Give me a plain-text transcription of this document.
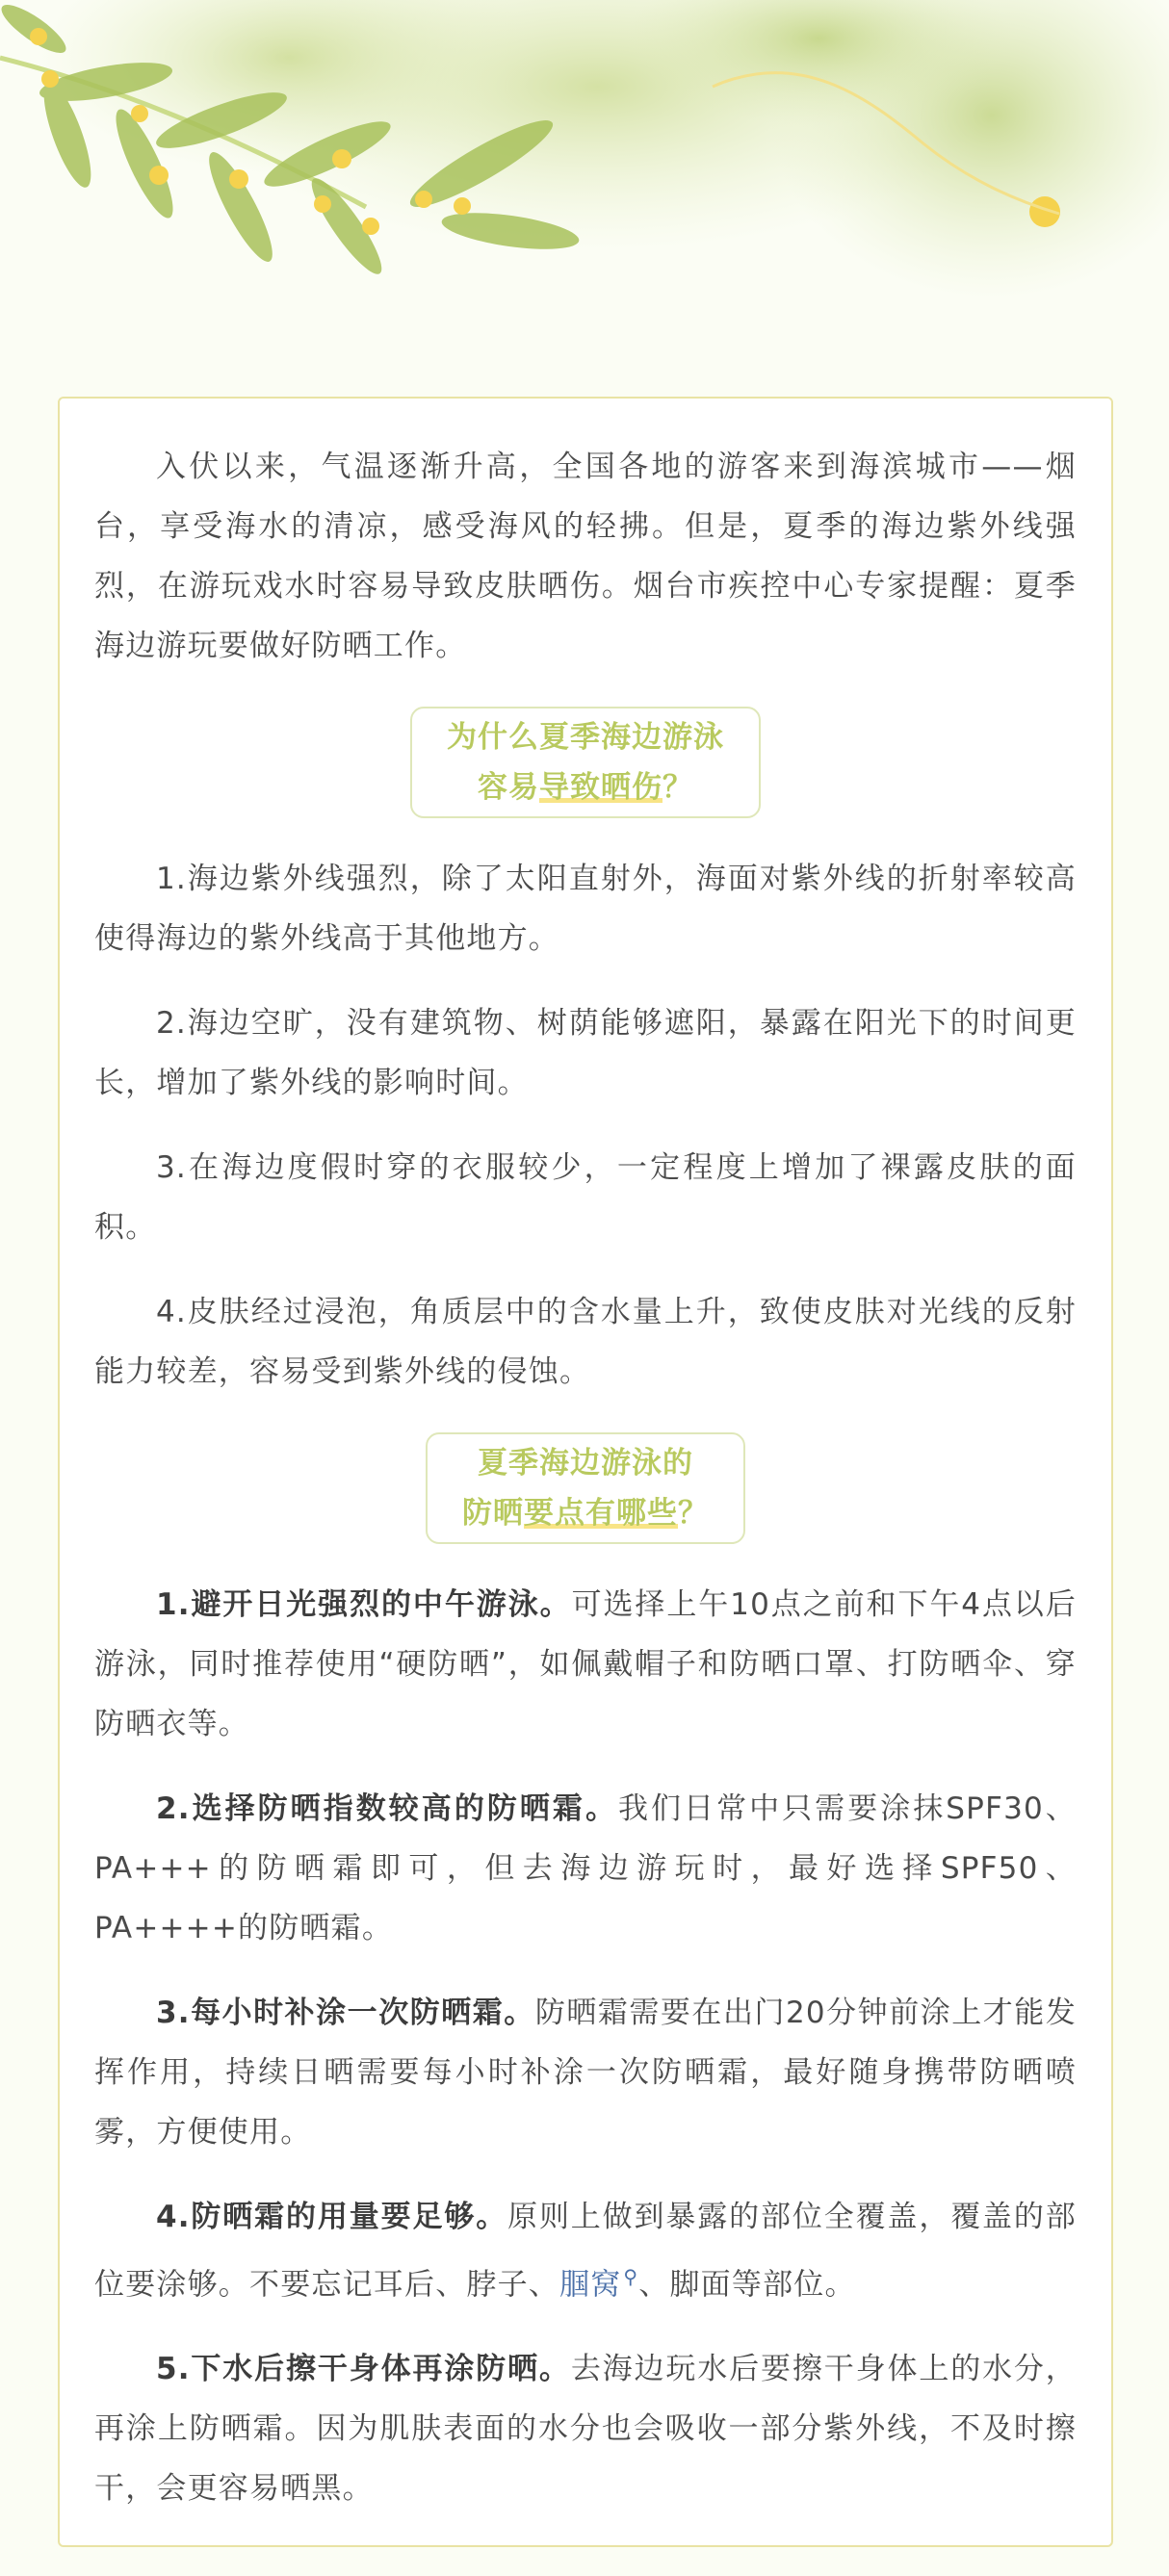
入伏以来，气温逐渐升高，全国各地的游客来到海滨城市——烟台，享受海水的清凉，感受海风的轻拂。但是，夏季的海边紫外线强烈，在游玩戏水时容易导致皮肤晒伤。烟台市疾控中心专家提醒：夏季海边游玩要做好防晒工作。

为什么夏季海边游泳
容易导致晒伤？

1.海边紫外线强烈，除了太阳直射外，海面对紫外线的折射率较高使得海边的紫外线高于其他地方。

2.海边空旷，没有建筑物、树荫能够遮阳，暴露在阳光下的时间更长，增加了紫外线的影响时间。

3.在海边度假时穿的衣服较少，一定程度上增加了裸露皮肤的面积。

4.皮肤经过浸泡，角质层中的含水量上升，致使皮肤对光线的反射能力较差，容易受到紫外线的侵蚀。

夏季海边游泳的
防晒要点有哪些？

1.避开日光强烈的中午游泳。可选择上午10点之前和下午4点以后游泳，同时推荐使用“硬防晒”，如佩戴帽子和防晒口罩、打防晒伞、穿防晒衣等。

2.选择防晒指数较高的防晒霜。我们日常中只需要涂抹SPF30、PA+++的防晒霜即可，但去海边游玩时，最好选择SPF50、PA++++的防晒霜。

3.每小时补涂一次防晒霜。防晒霜需要在出门20分钟前涂上才能发挥作用，持续日晒需要每小时补涂一次防晒霜，最好随身携带防晒喷雾，方便使用。

4.防晒霜的用量要足够。原则上做到暴露的部位全覆盖，覆盖的部位要涂够。不要忘记耳后、脖子、腘窝 ⚲、脚面等部位。

5.下水后擦干身体再涂防晒。去海边玩水后要擦干身体上的水分，再涂上防晒霜。因为肌肤表面的水分也会吸收一部分紫外线，不及时擦干，会更容易晒黑。
